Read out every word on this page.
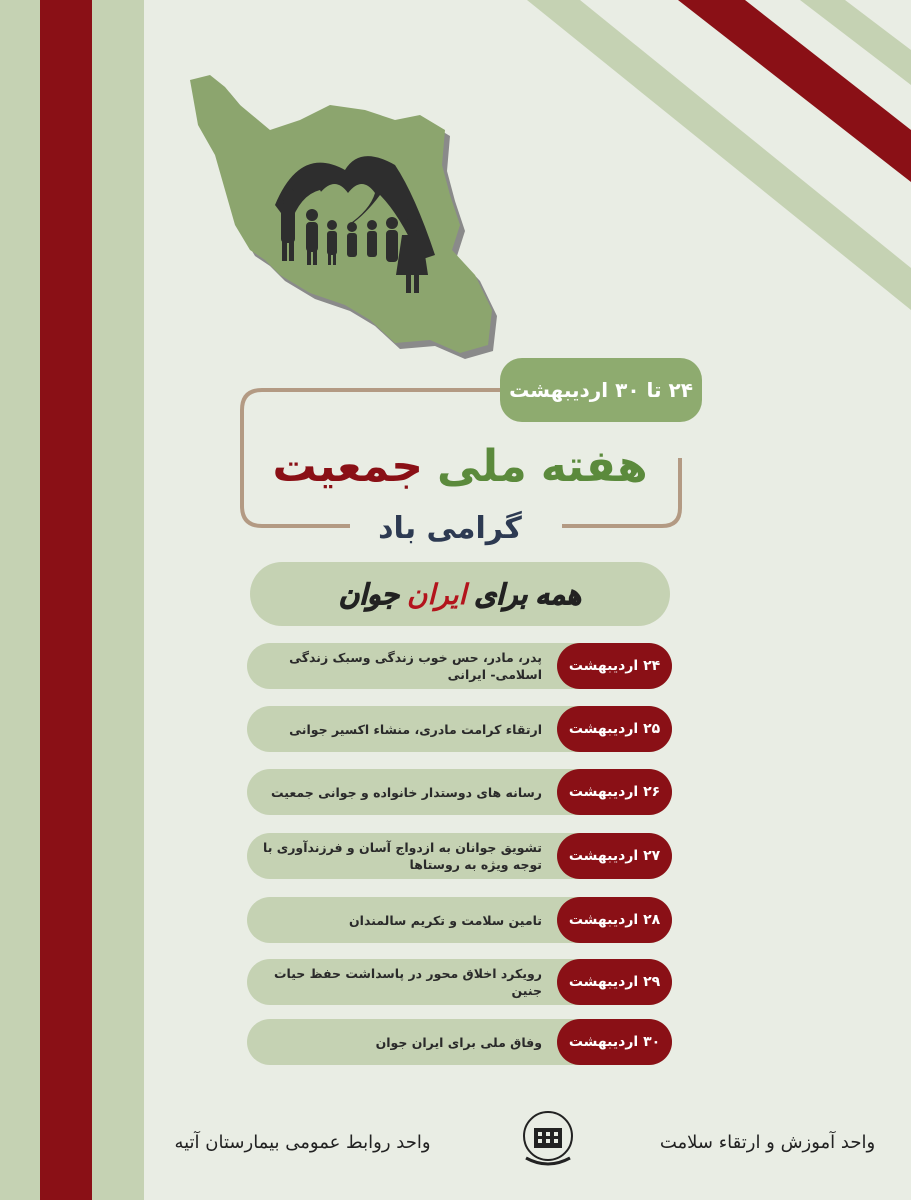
۲۴ تا ۳۰ اردیبهشت
هفته
ملی
جمعیت
گرامی باد
همه
برای
ایران
جوان
۲۴ اردیبهشت
پدر، مادر، حس خوب زندگی وسبک زندگی اسلامی- ایرانی
۲۵ اردیبهشت
ارتقاء کرامت مادری، منشاء اکسیر جوانی
۲۶ اردیبهشت
رسانه های دوستدار خانواده و جوانی جمعیت
۲۷ اردیبهشت
تشویق جوانان به ازدواج آسان و فرزندآوری با توجه ویژه به روستاها
۲۸ اردیبهشت
تامین سلامت و تکریم سالمندان
۲۹ اردیبهشت
رویکرد اخلاق محور در پاسداشت حفظ حیات جنین
۳۰ اردیبهشت
وفاق ملی برای ایران جوان
واحد روابط عمومی بیمارستان آتیه	واحد آموزش و ارتقاء سلامت
